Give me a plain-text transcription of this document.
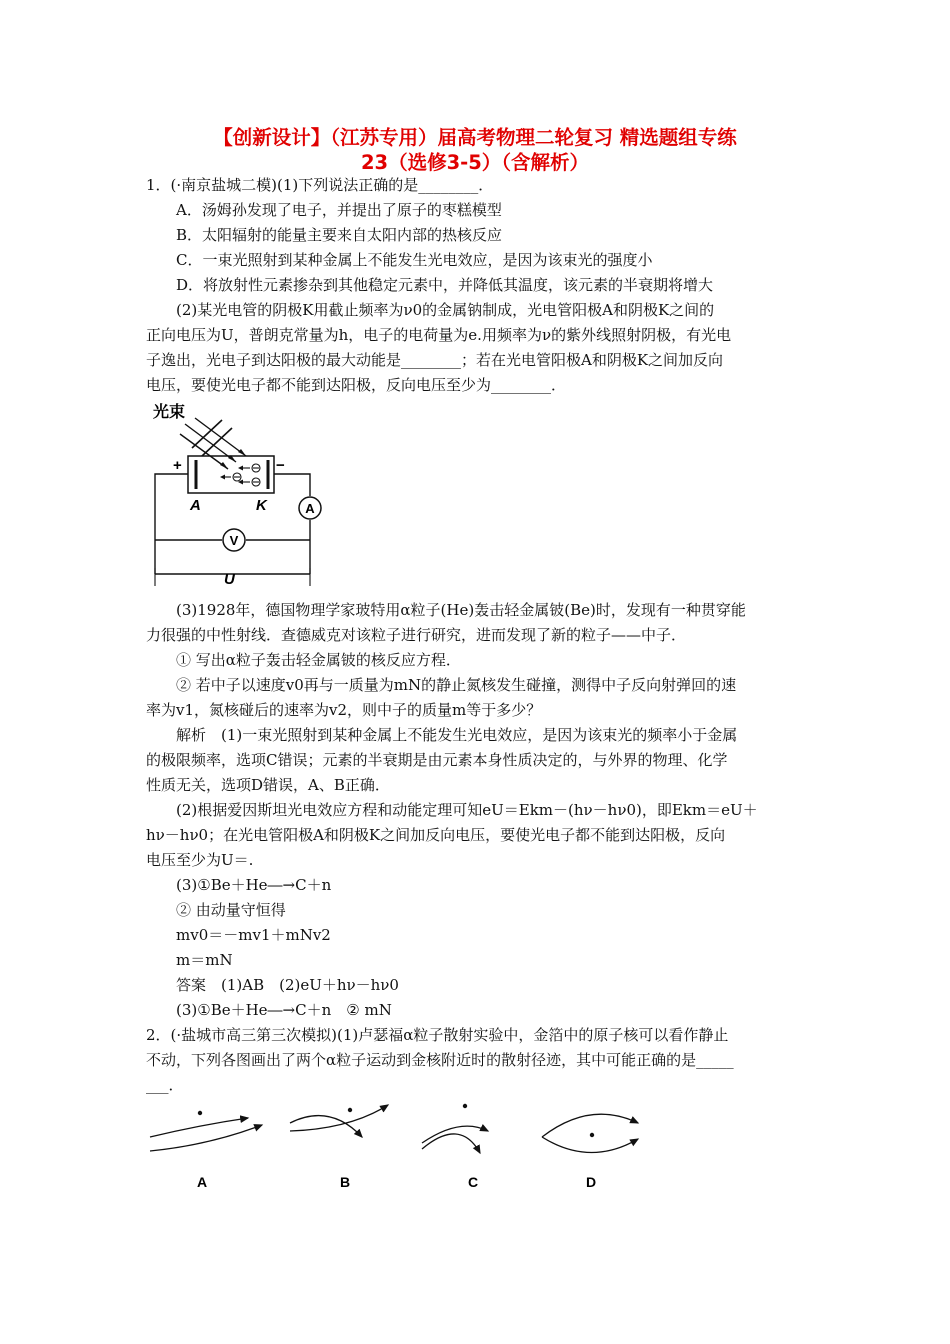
【创新设计】（江苏专用）届高考物理二轮复习 精选题组专练
23（选修3-5）（含解析）
1．(·南京盐城二模)(1)下列说法正确的是________．
A．汤姆孙发现了电子，并提出了原子的枣糕模型
B．太阳辐射的能量主要来自太阳内部的热核反应
C．一束光照射到某种金属上不能发生光电效应，是因为该束光的强度小
D．将放射性元素掺杂到其他稳定元素中，并降低其温度，该元素的半衰期将增大
(2)某光电管的阴极K用截止频率为ν0的金属钠制成，光电管阳极A和阴极K之间的
正向电压为U，普朗克常量为h，电子的电荷量为e.用频率为ν的紫外线照射阴极，有光电
子逸出，光电子到达阳极的最大动能是________；若在光电管阳极A和阴极K之间加反向
电压，要使光电子都不能到达阳极，反向电压至少为________．
光束
+	−
A	K	A
V
U
(3)1928年，德国物理学家玻特用α粒子(He)轰击轻金属铍(Be)时，发现有一种贯穿能
力很强的中性射线．查德威克对该粒子进行研究，进而发现了新的粒子——中子．
① 写出α粒子轰击轻金属铍的核反应方程．
② 若中子以速度v0再与一质量为mN的静止氮核发生碰撞，测得中子反向射弹回的速
率为v1，氮核碰后的速率为v2，则中子的质量m等于多少？
解析　(1)一束光照射到某种金属上不能发生光电效应，是因为该束光的频率小于金属
的极限频率，选项C错误；元素的半衰期是由元素本身性质决定的，与外界的物理、化学
性质无关，选项D错误，A、B正确．
(2)根据爱因斯坦光电效应方程和动能定理可知eU＝Ekm－(hν－hν0)，即Ekm＝eU＋
hν－hν0；在光电管阳极A和阴极K之间加反向电压，要使光电子都不能到达阳极，反向
电压至少为U＝.
(3)①Be＋He―→C＋n
② 由动量守恒得
mv0＝－mv1＋mNv2
m＝mN
答案　(1)AB　(2)eU＋hν－hν0
(3)①Be＋He―→C＋n　② mN
2．(·盐城市高三第三次模拟)(1)卢瑟福α粒子散射实验中，金箔中的原子核可以看作静止
不动，下列各图画出了两个α粒子运动到金核附近时的散射径迹，其中可能正确的是_____
___．
A	B	C	D
